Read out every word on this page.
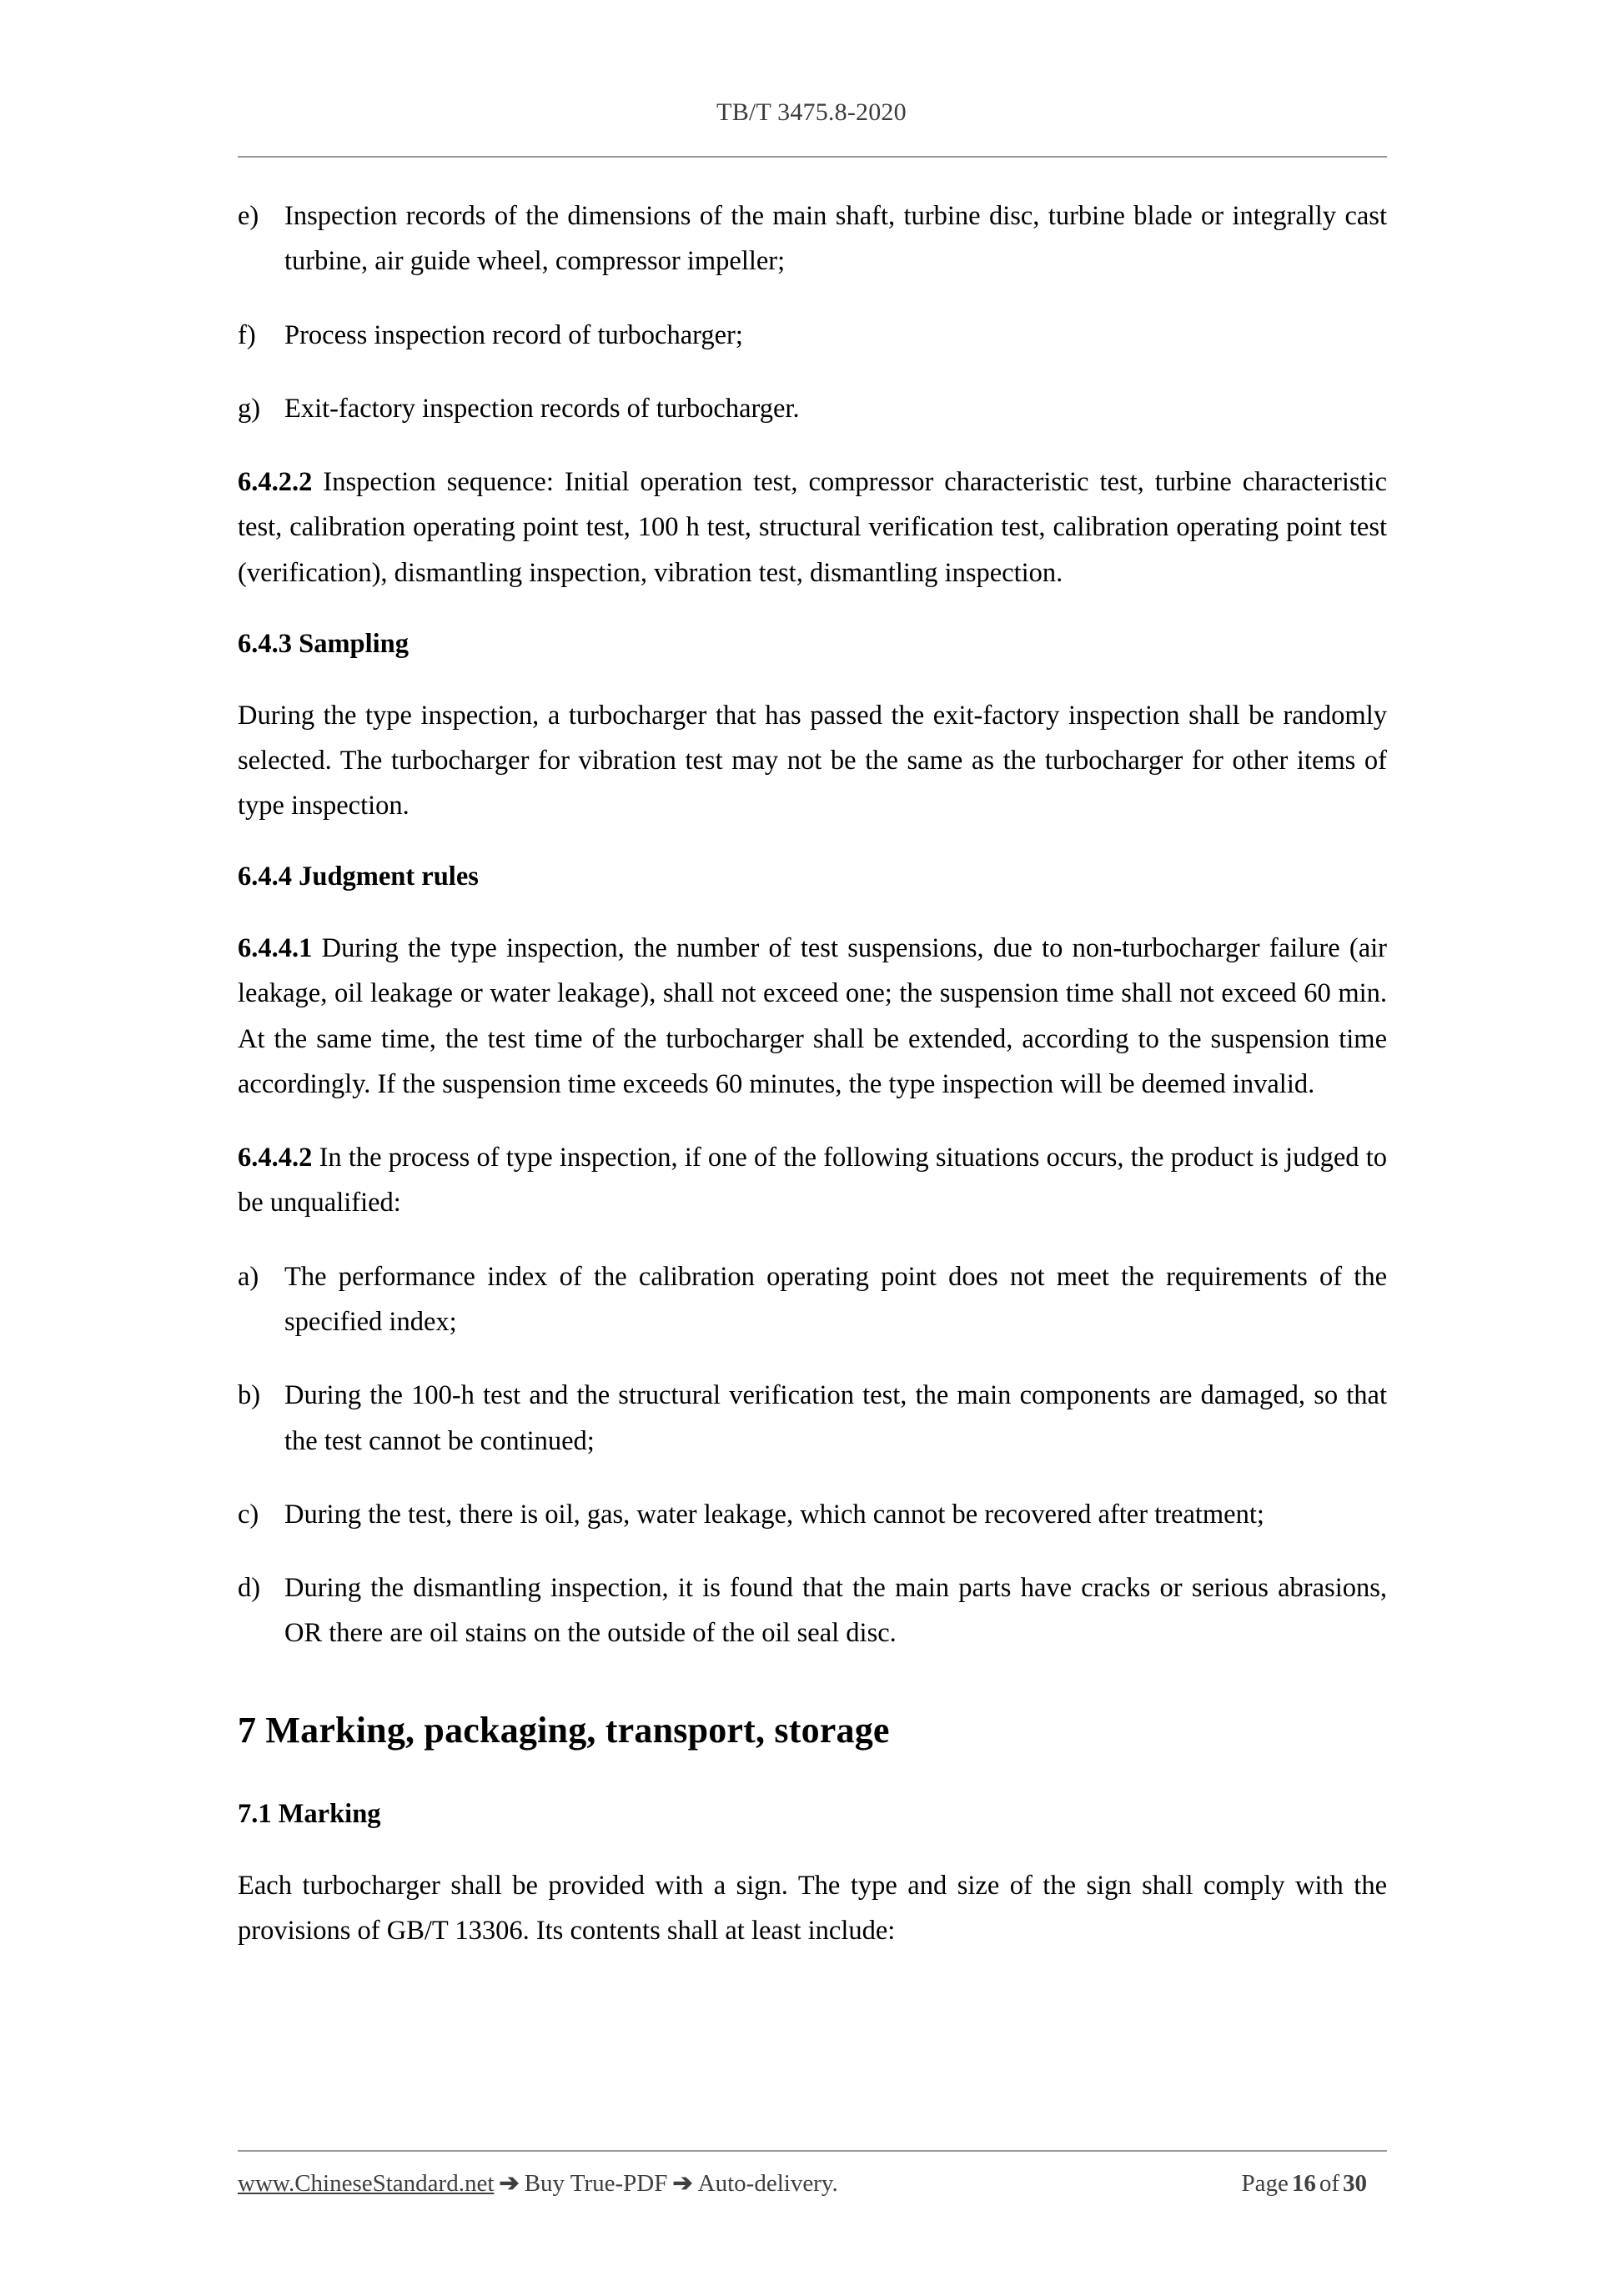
TB/T 3475.8-2020
e) Inspection records of the dimensions of the main shaft, turbine disc, turbine blade or integrally cast turbine, air guide wheel, compressor impeller;
f)	Process inspection record of turbocharger;
g) Exit-factory inspection records of turbocharger.

6.4.2.2 Inspection sequence: Initial operation test, compressor characteristic test, turbine characteristic test, calibration operating point test, 100 h test, structural verification test, calibration operating point test (verification), dismantling inspection, vibration test, dismantling inspection.

6.4.3 Sampling

During the type inspection, a turbocharger that has passed the exit-factory inspection shall be randomly selected. The turbocharger for vibration test may not be the same as the turbocharger for other items of type inspection.

6.4.4 Judgment rules

6.4.4.1 During the type inspection, the number of test suspensions, due to non-turbocharger failure (air leakage, oil leakage or water leakage), shall not exceed one; the suspension time shall not exceed 60 min. At the same time, the test time of the turbocharger shall be extended, according to the suspension time accordingly. If the suspension time exceeds 60 minutes, the type inspection will be deemed invalid.

6.4.4.2 In the process of type inspection, if one of the following situations occurs, the product is judged to be unqualified:

a) The performance index of the calibration operating point does not meet the requirements of the specified index;
b) During the 100-h test and the structural verification test, the main components are damaged, so that the test cannot be continued;
c) During the test, there is oil, gas, water leakage, which cannot be recovered after treatment;
d) During the dismantling inspection, it is found that the main parts have cracks or serious abrasions, OR there are oil stains on the outside of the oil seal disc.
7 Marking, packaging, transport, storage
7.1 Marking

Each turbocharger shall be provided with a sign. The type and size of the sign shall comply with the provisions of GB/T 13306. Its contents shall at least include:

www.ChineseStandard.net ➔ Buy True-PDF ➔ Auto-delivery.	Page 16 of 30
